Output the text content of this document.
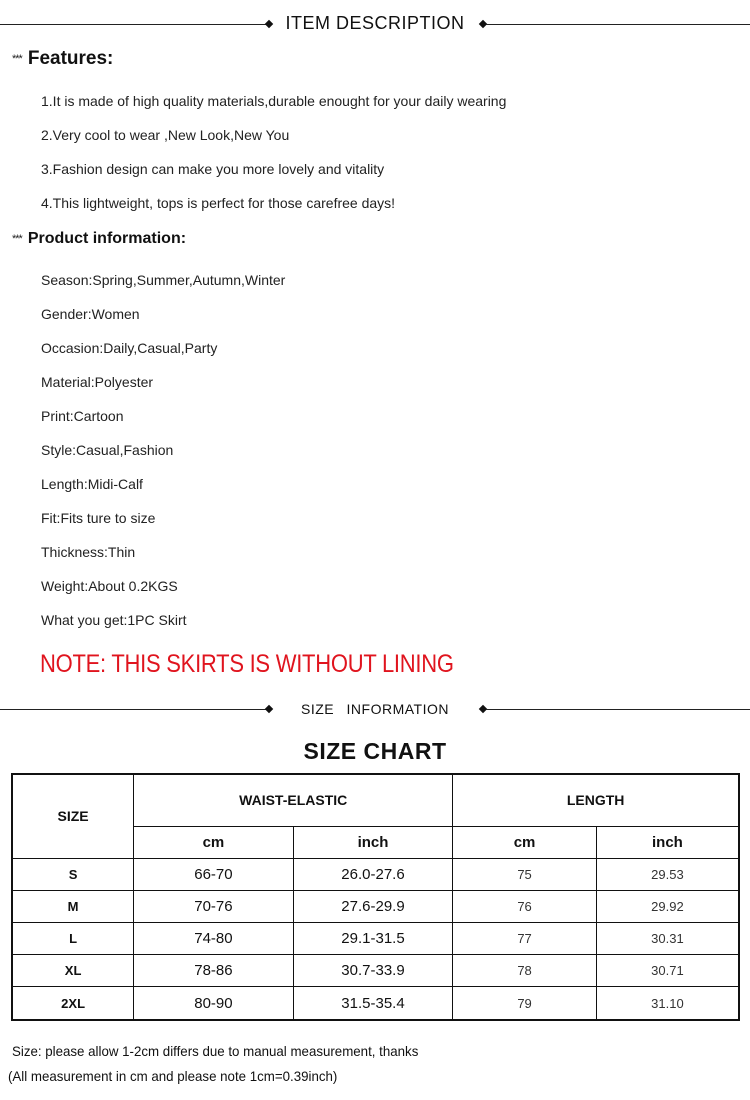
ITEM DESCRIPTION
*** Features:
1.It is made of high quality materials,durable enought for your daily wearing
2.Very cool to wear ,New Look,New You
3.Fashion design can make you more lovely and vitality
4.This lightweight, tops is perfect for those carefree days!
*** Product information:
Season:Spring,Summer,Autumn,Winter
Gender:Women
Occasion:Daily,Casual,Party
Material:Polyester
Print:Cartoon
Style:Casual,Fashion
Length:Midi-Calf
Fit:Fits ture to size
Thickness:Thin
Weight:About 0.2KGS
What you get:1PC Skirt
NOTE: THIS SKIRTS IS WITHOUT LINING
SIZE INFORMATION
SIZE CHART
SIZE	WAIST-ELASTIC		LENGTH	
	cm	inch	cm	inch
S	66-70	26.0-27.6	75	29.53
M	70-76	27.6-29.9	76	29.92
L	74-80	29.1-31.5	77	30.31
XL	78-86	30.7-33.9	78	30.71
2XL	80-90	31.5-35.4	79	31.10
Size: please allow 1-2cm differs due to manual measurement, thanks
(All measurement in cm and please note 1cm=0.39inch)
